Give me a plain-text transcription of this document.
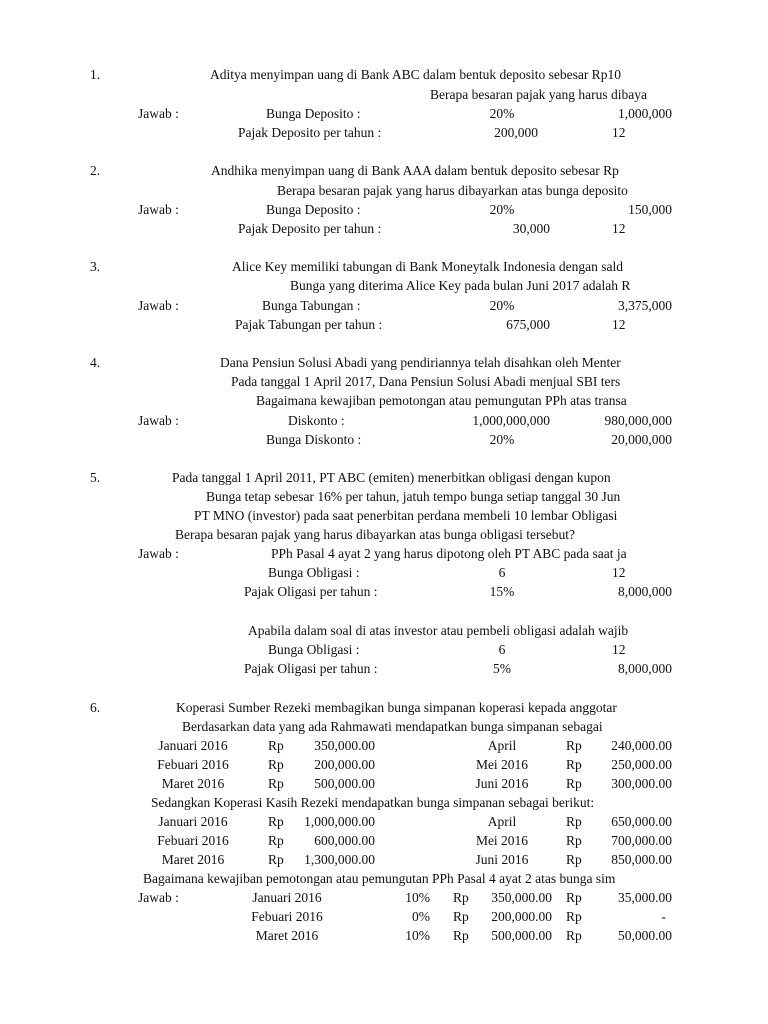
1.	Aditya menyimpan uang di Bank ABC dalam bentuk deposito sebesar Rp10
Berapa besaran pajak yang harus dibaya
Jawab :	Bunga Deposito :	20%	1,000,000
Pajak Deposito per tahun :	200,000	12
2.	Andhika menyimpan uang di Bank AAA dalam bentuk deposito sebesar Rp
Berapa besaran pajak yang harus dibayarkan atas bunga deposito
Jawab :	Bunga Deposito :	20%	150,000
Pajak Deposito per tahun :	30,000	12
3.	Alice Key memiliki tabungan di Bank Moneytalk Indonesia dengan sald
Bunga yang diterima Alice Key pada bulan Juni 2017 adalah R
Jawab :	Bunga Tabungan :	20%	3,375,000
Pajak Tabungan per tahun :	675,000	12
4.	Dana Pensiun Solusi Abadi yang pendiriannya telah disahkan oleh Menter
Pada tanggal 1 April 2017, Dana Pensiun Solusi Abadi menjual SBI ters
Bagaimana kewajiban pemotongan atau pemungutan PPh atas transa
Jawab :	Diskonto :	1,000,000,000	980,000,000
Bunga Diskonto :	20%	20,000,000
5.	Pada tanggal 1 April 2011, PT ABC (emiten) menerbitkan obligasi dengan kupon
Bunga tetap sebesar 16% per tahun, jatuh tempo bunga setiap tanggal 30 Jun
PT MNO (investor) pada saat penerbitan perdana membeli 10 lembar Obligasi
Berapa besaran pajak yang harus dibayarkan atas bunga obligasi tersebut?
Jawab :	PPh Pasal 4 ayat 2 yang harus dipotong oleh PT ABC pada saat ja
Bunga Obligasi :	6	12
Pajak Oligasi per tahun :	15%	8,000,000
Apabila dalam soal di atas investor atau pembeli obligasi adalah wajib
Bunga Obligasi :	6	12
Pajak Oligasi per tahun :	5%	8,000,000
6.	Koperasi Sumber Rezeki membagikan bunga simpanan koperasi kepada anggotar
Berdasarkan data yang ada Rahmawati mendapatkan bunga simpanan sebagai
Januari 2016	Rp 350,000.00	April	Rp 240,000.00
Febuari 2016	Rp 200,000.00	Mei 2016	Rp 250,000.00
Maret 2016	Rp 500,000.00	Juni 2016	Rp 300,000.00
Sedangkan Koperasi Kasih Rezeki mendapatkan bunga simpanan sebagai berikut:
Januari 2016	Rp 1,000,000.00	April	Rp 650,000.00
Febuari 2016	Rp 600,000.00	Mei 2016	Rp 700,000.00
Maret 2016	Rp 1,300,000.00	Juni 2016	Rp 850,000.00
Bagaimana kewajiban pemotongan atau pemungutan PPh Pasal 4 ayat 2 atas bunga sim
Jawab :	Januari 2016	10% Rp 350,000.00 Rp	35,000.00
Febuari 2016	0% Rp 200,000.00 Rp	-
Maret 2016	10% Rp 500,000.00 Rp	50,000.00
